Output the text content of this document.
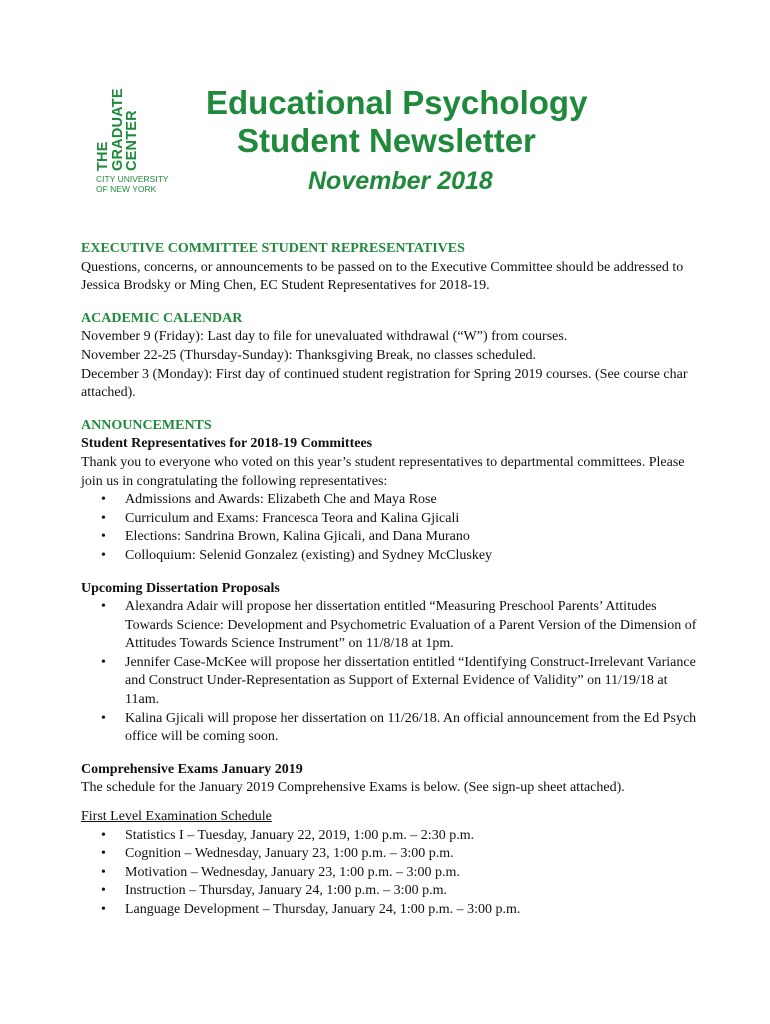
THE
GRADUATE
CENTER
CITY UNIVERSITY
OF NEW YORK
Educational Psychology
Student Newsletter
November 2018

EXECUTIVE COMMITTEE STUDENT REPRESENTATIVES

Questions, concerns, or announcements to be passed on to the Executive Committee should be addressed to Jessica Brodsky or Ming Chen, EC Student Representatives for 2018-19.

ACADEMIC CALENDAR

November 9 (Friday): Last day to file for unevaluated withdrawal (“W”) from courses.

November 22-25 (Thursday-Sunday): Thanksgiving Break, no classes scheduled.

December 3 (Monday): First day of continued student registration for Spring 2019 courses. (See course char attached).

ANNOUNCEMENTS

Student Representatives for 2018-19 Committees

Thank you to everyone who voted on this year’s student representatives to departmental committees. Please join us in congratulating the following representatives:

• Admissions and Awards: Elizabeth Che and Maya Rose
• Curriculum and Exams: Francesca Teora and Kalina Gjicali
• Elections: Sandrina Brown, Kalina Gjicali, and Dana Murano
• Colloquium: Selenid Gonzalez (existing) and Sydney McCluskey

Upcoming Dissertation Proposals

• Alexandra Adair will propose her dissertation entitled “Measuring Preschool Parents’ Attitudes Towards Science: Development and Psychometric Evaluation of a Parent Version of the Dimension of Attitudes Towards Science Instrument” on 11/8/18 at 1pm.
• Jennifer Case-McKee will propose her dissertation entitled “Identifying Construct-Irrelevant Variance and Construct Under-Representation as Support of External Evidence of Validity” on 11/19/18 at 11am.
• Kalina Gjicali will propose her dissertation on 11/26/18. An official announcement from the Ed Psych office will be coming soon.

Comprehensive Exams January 2019

The schedule for the January 2019 Comprehensive Exams is below. (See sign-up sheet attached).

First Level Examination Schedule

• Statistics I – Tuesday, January 22, 2019, 1:00 p.m. – 2:30 p.m.
• Cognition – Wednesday, January 23, 1:00 p.m. – 3:00 p.m.
• Motivation – Wednesday, January 23, 1:00 p.m. – 3:00 p.m.
• Instruction – Thursday, January 24, 1:00 p.m. – 3:00 p.m.
• Language Development – Thursday, January 24, 1:00 p.m. – 3:00 p.m.
